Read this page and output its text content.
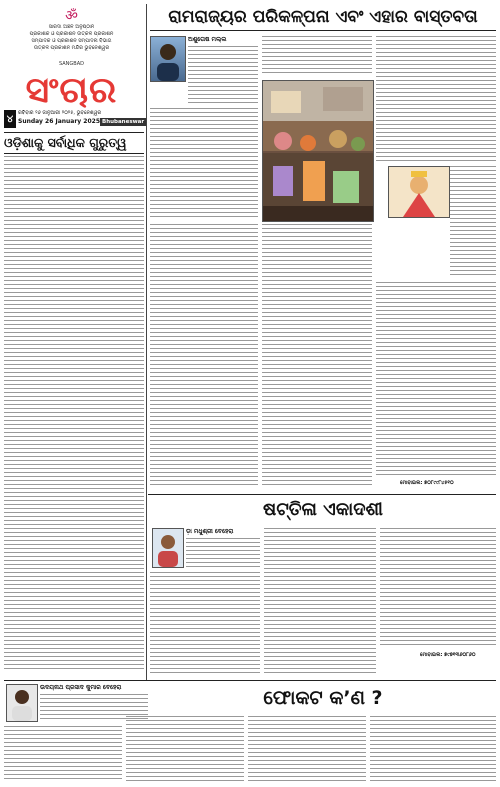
ॐ
ସାରଦା ଅଞ୍ଚଳ ଅନୁଷ୍ଠାନ
ପ୍ରକାଶକ ଓ ପ୍ରକାଶନ ଉତ୍କଳ ପ୍ରକାଶନ
ସମ୍ପାଦକ ଓ ପ୍ରକାଶନ ସମ୍ପାଦନା ବିଭାଗ
ଉତ୍କଳ ପ୍ରକାଶନ ମନ୍ଦିର ଭୁବନେଶ୍ୱର
SANGBAD
ସଂଚାର
୪
ରବିବାର ୨୬ ଜାନୁଆରୀ ୨୦୨୫, ଭୁବନେଶ୍ୱର
Sunday 26 January 2025 Bhubaneswar
ରାମରାଜ୍ୟର ପରିକଳ୍ପନା ଏବଂ ଏହାର ବାସ୍ତବତା
ଅଶୁତୋଷ ମଲ୍ଲ
ଓଡ଼ିଶାକୁ ସର୍ବାଧିକ ଗୁରୁତ୍ୱ
ମୋବାଇଲ: ୭୦୮୯୯୮୪୫୧୦
ଷଟ୍ତିଳା ଏକାଦଶୀ
ଡ଼ା ମଧୁଶ୍ରୀ ବେହେରା
ମୋବାଇଲ: ୭୯୭୧୩୬୦୮୬୦
ଉଦୟନାଥ ପ୍ରସାଦ କୁମାର ବେହେରା	ଫୋକଟ କ’ଣ ?
